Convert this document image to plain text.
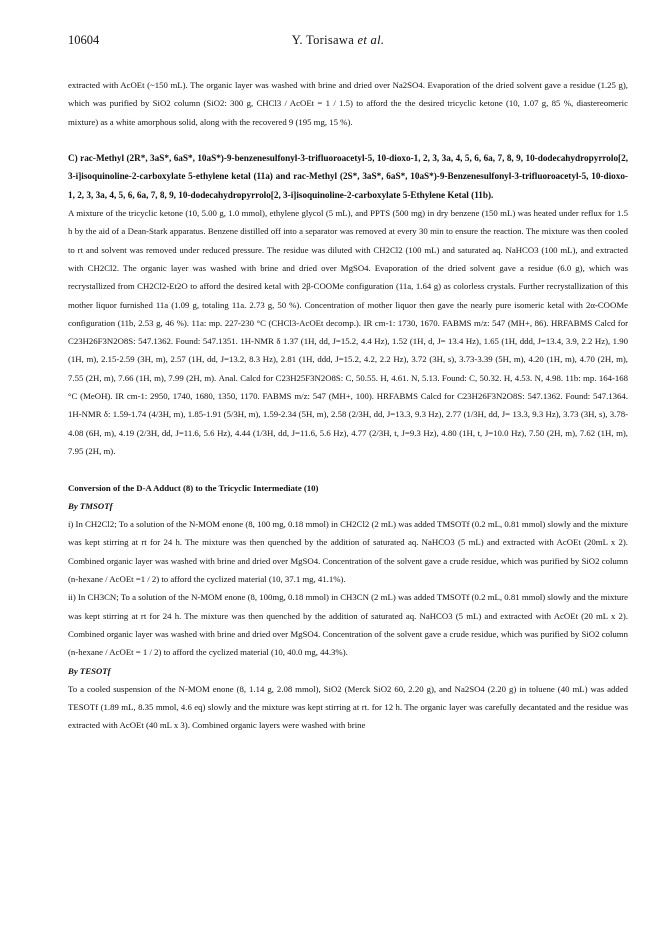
10604	Y. Torisawa et al.

extracted with AcOEt (~150 mL). The organic layer was washed with brine and dried over Na2SO4. Evaporation of the dried solvent gave a residue (1.25 g), which was purified by SiO2 column (SiO2: 300 g, CHCl3 / AcOEt = 1 / 1.5) to afford the the desired tricyclic ketone (10, 1.07 g, 85 %, diastereomeric mixture) as a white amorphous solid, along with the recovered 9 (195 mg, 15 %).

C) rac-Methyl (2R*, 3aS*, 6aS*, 10aS*)-9-benzenesulfonyl-3-trifluoroacetyl-5, 10-dioxo-1, 2, 3, 3a, 4, 5, 6, 6a, 7, 8, 9, 10-dodecahydropyrrolo[2, 3-i]isoquinoline-2-carboxylate 5-ethylene ketal (11a) and rac-Methyl (2S*, 3aS*, 6aS*, 10aS*)-9-Benzenesulfonyl-3-trifluoroacetyl-5, 10-dioxo-1, 2, 3, 3a, 4, 5, 6, 6a, 7, 8, 9, 10-dodecahydropyrrolo[2, 3-i]isoquinoline-2-carboxylate 5-Ethylene Ketal (11b).

A mixture of the tricyclic ketone (10, 5.00 g, 1.0 mmol), ethylene glycol (5 mL), and PPTS (500 mg) in dry benzene (150 mL) was heated under reflux for 1.5 h by the aid of a Dean-Stark apparatus. Benzene distilled off into a separator was removed at every 30 min to ensure the reaction. The mixture was then cooled to rt and solvent was removed under reduced pressure. The residue was diluted with CH2Cl2 (100 mL) and saturated aq. NaHCO3 (100 mL), and extracted with CH2Cl2. The organic layer was washed with brine and dried over MgSO4. Evaporation of the dried solvent gave a residue (6.0 g), which was recrystallized from CH2Cl2-Et2O to afford the desired ketal with 2β-COOMe configuration (11a, 1.64 g) as colorless crystals. Further recrystallization of this mother liquor furnished 11a (1.09 g, totaling 11a. 2.73 g, 50 %). Concentration of mother liquor then gave the nearly pure isomeric ketal with 2α-COOMe configuration (11b, 2.53 g, 46 %). 11a: mp. 227-230 °C (CHCl3-AcOEt decomp.). IR cm-1: 1730, 1670. FABMS m/z: 547 (MH+, 86). HRFABMS Calcd for C23H26F3N2O8S: 547.1362. Found: 547.1351. 1H-NMR δ 1.37 (1H, dd, J=15.2, 4.4 Hz), 1.52 (1H, d, J= 13.4 Hz), 1.65 (1H, ddd, J=13.4, 3.9, 2.2 Hz), 1.90 (1H, m), 2.15-2.59 (3H, m), 2.57 (1H, dd, J=13.2, 8.3 Hz), 2.81 (1H, ddd, J=15.2, 4.2, 2.2 Hz), 3.72 (3H, s), 3.73-3.39 (5H, m), 4.20 (1H, m), 4.70 (2H, m), 7.55 (2H, m), 7.66 (1H, m), 7.99 (2H, m). Anal. Calcd for C23H25F3N2O8S: C, 50.55. H, 4.61. N, 5.13. Found: C, 50.32. H, 4.53. N, 4.98. 11b: mp. 164-168 °C (MeOH). IR cm-1: 2950, 1740, 1680, 1350, 1170. FABMS m/z: 547 (MH+, 100). HRFABMS Calcd for C23H26F3N2O8S: 547.1362. Found: 547.1364. 1H-NMR δ: 1.59-1.74 (4/3H, m), 1.85-1.91 (5/3H, m), 1.59-2.34 (5H, m), 2.58 (2/3H, dd, J=13.3, 9.3 Hz), 2.77 (1/3H, dd, J= 13.3, 9.3 Hz), 3.73 (3H, s), 3.78-4.08 (6H, m), 4.19 (2/3H, dd, J=11.6, 5.6 Hz), 4.44 (1/3H, dd, J=11.6, 5.6 Hz), 4.77 (2/3H, t, J=9.3 Hz), 4.80 (1H, t, J=10.0 Hz), 7.50 (2H, m), 7.62 (1H, m), 7.95 (2H, m).

Conversion of the D-A Adduct (8) to the Tricyclic Intermediate (10)

By TMSOTf

i) In CH2Cl2; To a solution of the N-MOM enone (8, 100 mg, 0.18 mmol) in CH2Cl2 (2 mL) was added TMSOTf (0.2 mL, 0.81 mmol) slowly and the mixture was kept stirring at rt for 24 h. The mixture was then quenched by the addition of saturated aq. NaHCO3 (5 mL) and extracted with AcOEt (20mL x 2). Combined organic layer was washed with brine and dried over MgSO4. Concentration of the solvent gave a crude residue, which was purified by SiO2 column (n-hexane / AcOEt =1 / 2) to afford the cyclized material (10, 37.1 mg, 41.1%).

ii) In CH3CN; To a solution of the N-MOM enone (8, 100mg, 0.18 mmol) in CH3CN (2 mL) was added TMSOTf (0.2 mL, 0.81 mmol) slowly and the mixture was kept stirring at rt for 24 h. The mixture was then quenched by the addition of saturated aq. NaHCO3 (5 mL) and extracted with AcOEt (20 mL x 2). Combined organic layer was washed with brine and dried over MgSO4. Concentration of the solvent gave a crude residue, which was purified by SiO2 column (n-hexane / AcOEt = 1 / 2) to afford the cyclized material (10, 40.0 mg, 44.3%).

By TESOTf

To a cooled suspension of the N-MOM enone (8, 1.14 g, 2.08 mmol), SiO2 (Merck SiO2 60, 2.20 g), and Na2SO4 (2.20 g) in toluene (40 mL) was added TESOTf (1.89 mL, 8.35 mmol, 4.6 eq) slowly and the mixture was kept stirring at rt. for 12 h. The organic layer was carefully decantated and the residue was extracted with AcOEt (40 mL x 3). Combined organic layers were washed with brine
